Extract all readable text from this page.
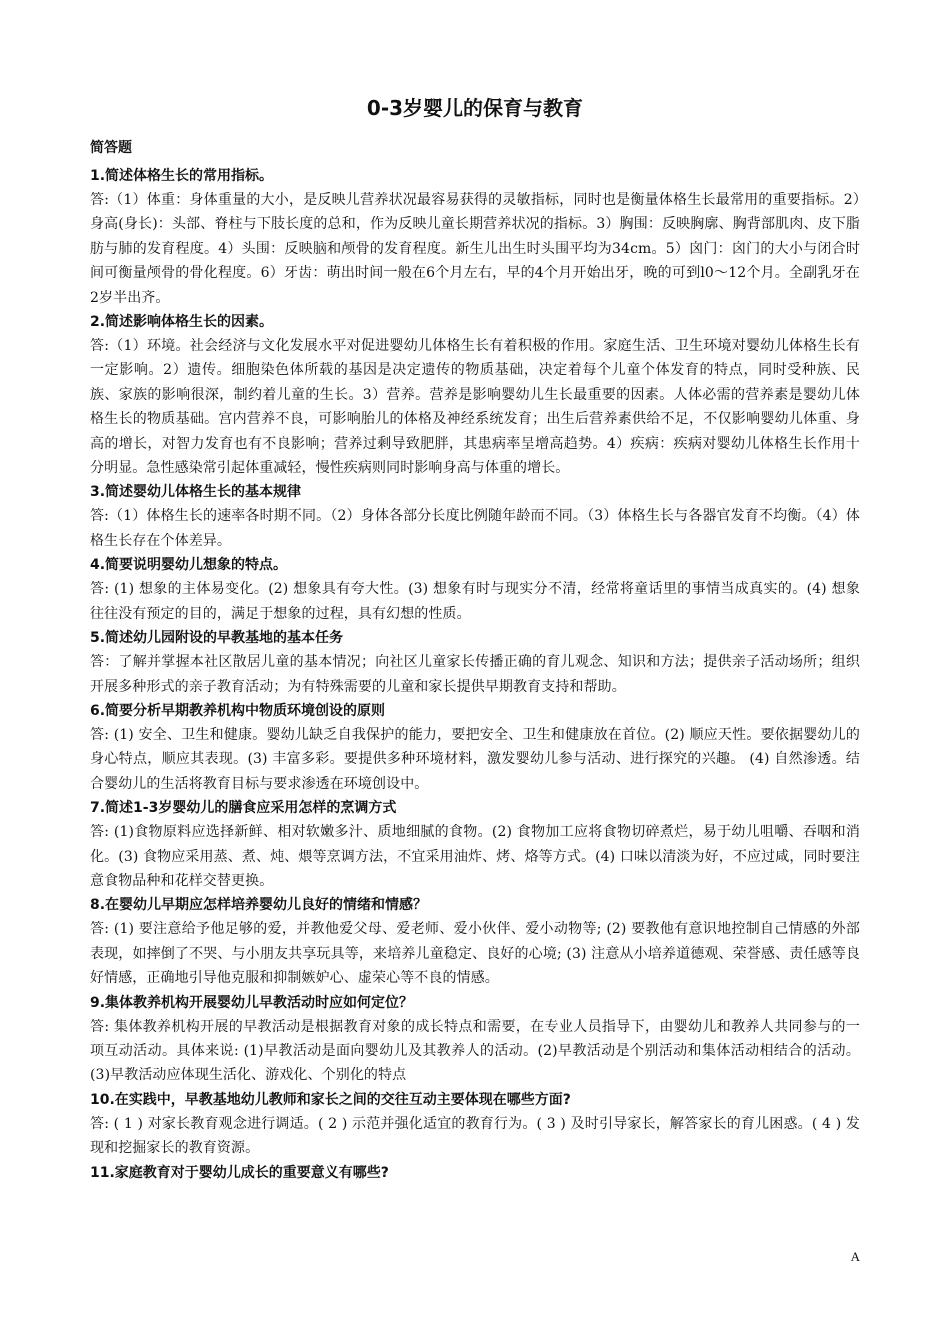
0-3岁婴儿的保育与教育
简答题
1.简述体格生长的常用指标。
答:（1）体重：身体重量的大小，是反映儿营养状况最容易获得的灵敏指标，同时也是衡量体格生长最常用的重要指标。2）身高(身长)：头部、脊柱与下肢长度的总和，作为反映儿童长期营养状况的指标。3）胸围：反映胸廓、胸背部肌肉、皮下脂肪与肺的发育程度。4）头围：反映脑和颅骨的发育程度。新生儿出生时头围平均为34cm。5）囟门：囟门的大小与闭合时间可衡量颅骨的骨化程度。6）牙齿：萌出时间一般在6个月左右，早的4个月开始出牙，晚的可到l0～12个月。全副乳牙在2岁半出齐。
2.简述影响体格生长的因素。
答:（1）环境。社会经济与文化发展水平对促进婴幼儿体格生长有着积极的作用。家庭生活、卫生环境对婴幼儿体格生长有一定影响。2）遗传。细胞染色体所载的基因是决定遗传的物质基础，决定着每个儿童个体发育的特点，同时受种族、民族、家族的影响很深，制约着儿童的生长。3）营养。营养是影响婴幼儿生长最重要的因素。人体必需的营养素是婴幼儿体格生长的物质基础。宫内营养不良，可影响胎儿的体格及神经系统发育；出生后营养素供给不足，不仅影响婴幼儿体重、身高的增长，对智力发育也有不良影响；营养过剩导致肥胖，其患病率呈增高趋势。4）疾病：疾病对婴幼儿体格生长作用十分明显。急性感染常引起体重减轻，慢性疾病则同时影响身高与体重的增长。
3.简述婴幼儿体格生长的基本规律
答:（1）体格生长的速率各时期不同。（2）身体各部分长度比例随年龄而不同。（3）体格生长与各器官发育不均衡。（4）体格生长存在个体差异。
4.简要说明婴幼儿想象的特点。
答: (1) 想象的主体易变化。(2) 想象具有夸大性。(3) 想象有时与现实分不清，经常将童话里的事情当成真实的。(4) 想象往往没有预定的目的，满足于想象的过程，具有幻想的性质。
5.简述幼儿园附设的早教基地的基本任务
答：了解并掌握本社区散居儿童的基本情况；向社区儿童家长传播正确的育儿观念、知识和方法；提供亲子活动场所；组织开展多种形式的亲子教育活动；为有特殊需要的儿童和家长提供早期教育支持和帮助。
6.简要分析早期教养机构中物质环境创设的原则
答: (1) 安全、卫生和健康。婴幼儿缺乏自我保护的能力，要把安全、卫生和健康放在首位。(2) 顺应天性。要依据婴幼儿的身心特点，顺应其表现。(3) 丰富多彩。要提供多种环境材料，激发婴幼儿参与活动、进行探究的兴趣。 (4) 自然渗透。结合婴幼儿的生活将教育目标与要求渗透在环境创设中。
7.简述1-3岁婴幼儿的膳食应采用怎样的烹调方式
答: (1)食物原料应选择新鲜、相对软嫩多汁、质地细腻的食物。(2) 食物加工应将食物切碎煮烂，易于幼儿咀嚼、吞咽和消化。(3) 食物应采用蒸、煮、炖、煨等烹调方法，不宜采用油炸、烤、烙等方式。(4) 口味以清淡为好，不应过咸，同时要注意食物品种和花样交替更换。
8.在婴幼儿早期应怎样培养婴幼儿良好的情绪和情感？
答: (1) 要注意给予他足够的爱，并教他爱父母、爱老师、爱小伙伴、爱小动物等; (2) 要教他有意识地控制自己情感的外部表现，如摔倒了不哭、与小朋友共享玩具等，来培养儿童稳定、良好的心境; (3) 注意从小培养道德观、荣誉感、责任感等良好情感，正确地引导他克服和抑制嫉妒心、虚荣心等不良的情感。
9.集体教养机构开展婴幼儿早教活动时应如何定位？
答: 集体教养机构开展的早教活动是根据教育对象的成长特点和需要，在专业人员指导下，由婴幼儿和教养人共同参与的一项互动活动。具体来说: (1)早教活动是面向婴幼儿及其教养人的活动。(2)早教活动是个别活动和集体活动相结合的活动。(3)早教活动应体现生活化、游戏化、个别化的特点
10.在实践中，早教基地幼儿教师和家长之间的交往互动主要体现在哪些方面?
答: ( 1 ) 对家长教育观念进行调适。( 2 ) 示范并强化适宜的教育行为。( 3 ) 及时引导家长，解答家长的育儿困惑。( 4 ) 发现和挖掘家长的教育资源。
11.家庭教育对于婴幼儿成长的重要意义有哪些?
A
